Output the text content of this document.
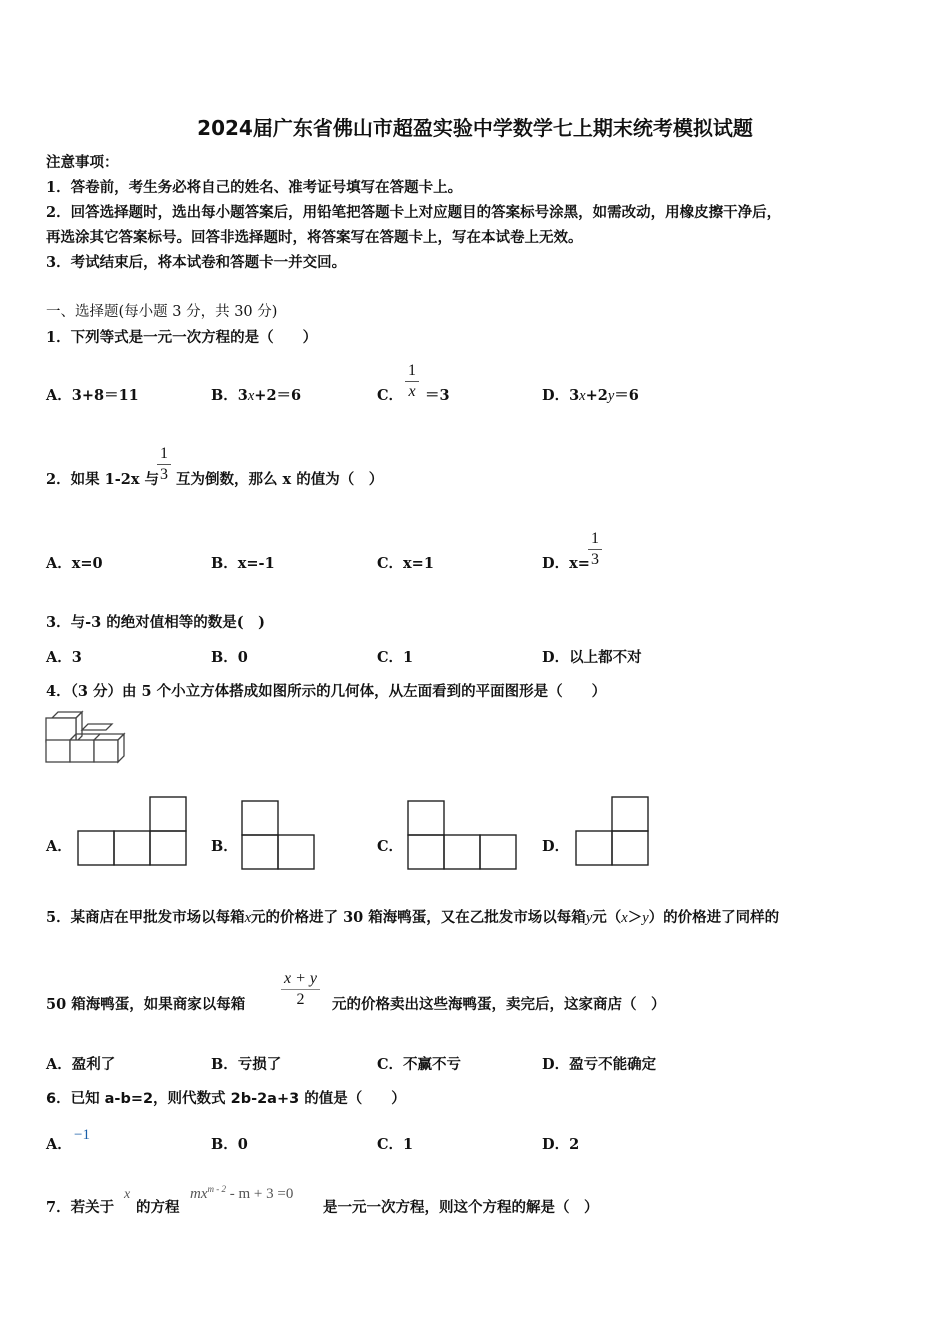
2024届广东省佛山市超盈实验中学数学七上期末统考模拟试题
注意事项：
1．答卷前，考生务必将自己的姓名、准考证号填写在答题卡上。
2．回答选择题时，选出每小题答案后，用铅笔把答题卡上对应题目的答案标号涂黑，如需改动，用橡皮擦干净后，
再选涂其它答案标号。回答非选择题时，将答案写在答题卡上，写在本试卷上无效。
3．考试结束后，将本试卷和答题卡一并交回。
一、选择题(每小题 3 分，共 30 分)
1．下列等式是一元一次方程的是（　　）
A．3+8＝11	B．3x+2＝6	C． $\frac{1}{x} =3$	D．3x+2y＝6
2．如果 1-2x 与
$\frac{1}{3}$ 互为倒数，那么 x 的值为（　）
A．x=0	B．x=-1	C．x=1	D．x=
$\frac{1}{3}$
3．与-3 的绝对值相等的数是(　)
A．3	B．0	C．1	D．以上都不对
4．（3 分）由 5 个小立方体搭成如图所示的几何体，从左面看到的平面图形是（　　）
A．	B．	C．	D．
5．某商店在甲批发市场以每箱x元的价格进了 30 箱海鸭蛋，又在乙批发市场以每箱y元（x＞y）的价格进了同样的
50 箱海鸭蛋，如果商家以每箱 $\frac{x + y}{2}$ 元的价格卖出这些海鸭蛋，卖完后，这家商店（　）
A．盈利了	B．亏损了	C．不赢不亏	D．盈亏不能确定
6．已知 a-b=2，则代数式 2b-2a+3 的值是（　　）
A．
−1
B．0	C．1	D．2
7．若关于
x
的方程
$mx^{m - 2} - m + 3 =0$
是一元一次方程，则这个方程的解是（　）
